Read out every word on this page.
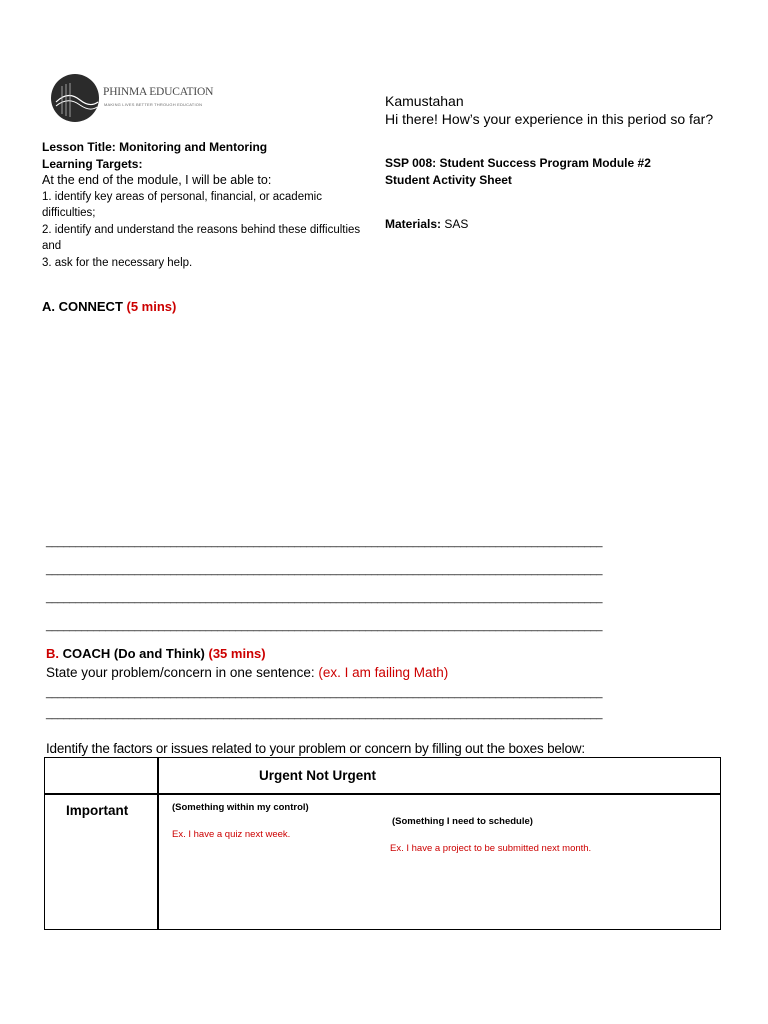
PHINMA EDUCATION
MAKING LIVES BETTER THROUGH EDUCATION	Kamustahan
Hi there! How’s your experience in this period so far?
SSP 008: Student Success Program Module #2
Student Activity Sheet
Materials: SAS
Lesson Title: Monitoring and Mentoring
Learning Targets:
At the end of the module, I will be able to:
1. identify key areas of personal, financial, or academic difficulties;
2. identify and understand the reasons behind these difficulties and
3. ask for the necessary help.
A. CONNECT (5 mins)
______________________________________________________________________________________________
______________________________________________________________________________________________
______________________________________________________________________________________________
______________________________________________________________________________________________
B. COACH (Do and Think) (35 mins)
State your problem/concern in one sentence: (ex. I am failing Math)
______________________________________________________________________________________________
______________________________________________________________________________________________
Identify the factors or issues related to your problem or concern by filling out the boxes below:
Urgent Not Urgent
Important	(Something within my control)
Ex. I have a quiz next week.
(Something I need to schedule)
Ex. I have a project to be submitted next month.
